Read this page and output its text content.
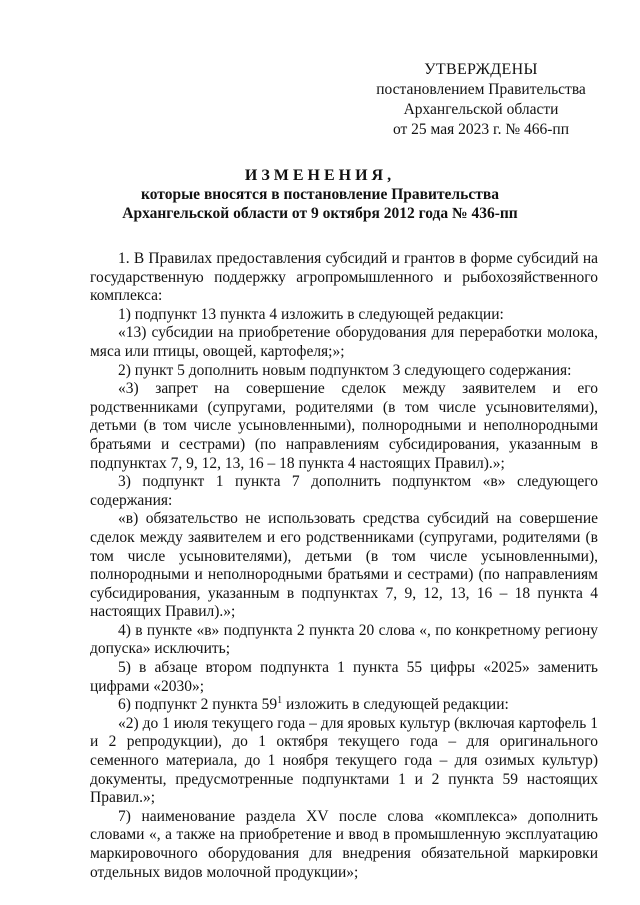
УТВЕРЖДЕНЫ
постановлением Правительства
Архангельской области
от 25 мая 2023 г. № 466-пп
ИЗМЕНЕНИЯ,
которые вносятся в постановление Правительства
Архангельской области от 9 октября 2012 года № 436-пп

1. В Правилах предоставления субсидий и грантов в форме субсидий на государственную поддержку агропромышленного и рыбохозяйственного комплекса:

1) подпункт 13 пункта 4 изложить в следующей редакции:

«13) субсидии на приобретение оборудования для переработки молока, мяса или птицы, овощей, картофеля;»;

2) пункт 5 дополнить новым подпунктом 3 следующего содержания:

«3) запрет на совершение сделок между заявителем и его родственниками (супругами, родителями (в том числе усыновителями), детьми (в том числе усыновленными), полнородными и неполнородными братьями и сестрами) (по направлениям субсидирования, указанным в подпунктах 7, 9, 12, 13, 16 – 18 пункта 4 настоящих Правил).»;

3) подпункт 1 пункта 7 дополнить подпунктом «в» следующего содержания:

«в) обязательство не использовать средства субсидий на совершение сделок между заявителем и его родственниками (супругами, родителями (в том числе усыновителями), детьми (в том числе усыновленными), полнородными и неполнородными братьями и сестрами) (по направлениям субсидирования, указанным в подпунктах 7, 9, 12, 13, 16 – 18 пункта 4 настоящих Правил).»;

4) в пункте «в» подпункта 2 пункта 20 слова «, по конкретному региону допуска» исключить;

5) в абзаце втором подпункта 1 пункта 55 цифры «2025» заменить цифрами «2030»;

6) подпункт 2 пункта $59^1$ изложить в следующей редакции:

«2) до 1 июля текущего года – для яровых культур (включая картофель 1 и 2 репродукции), до 1 октября текущего года – для оригинального семенного материала, до 1 ноября текущего года – для озимых культур) документы, предусмотренные подпунктами 1 и 2 пункта 59 настоящих Правил.»;

7) наименование раздела XV после слова «комплекса» дополнить словами «, а также на приобретение и ввод в промышленную эксплуатацию маркировочного оборудования для внедрения обязательной маркировки отдельных видов молочной продукции»;
